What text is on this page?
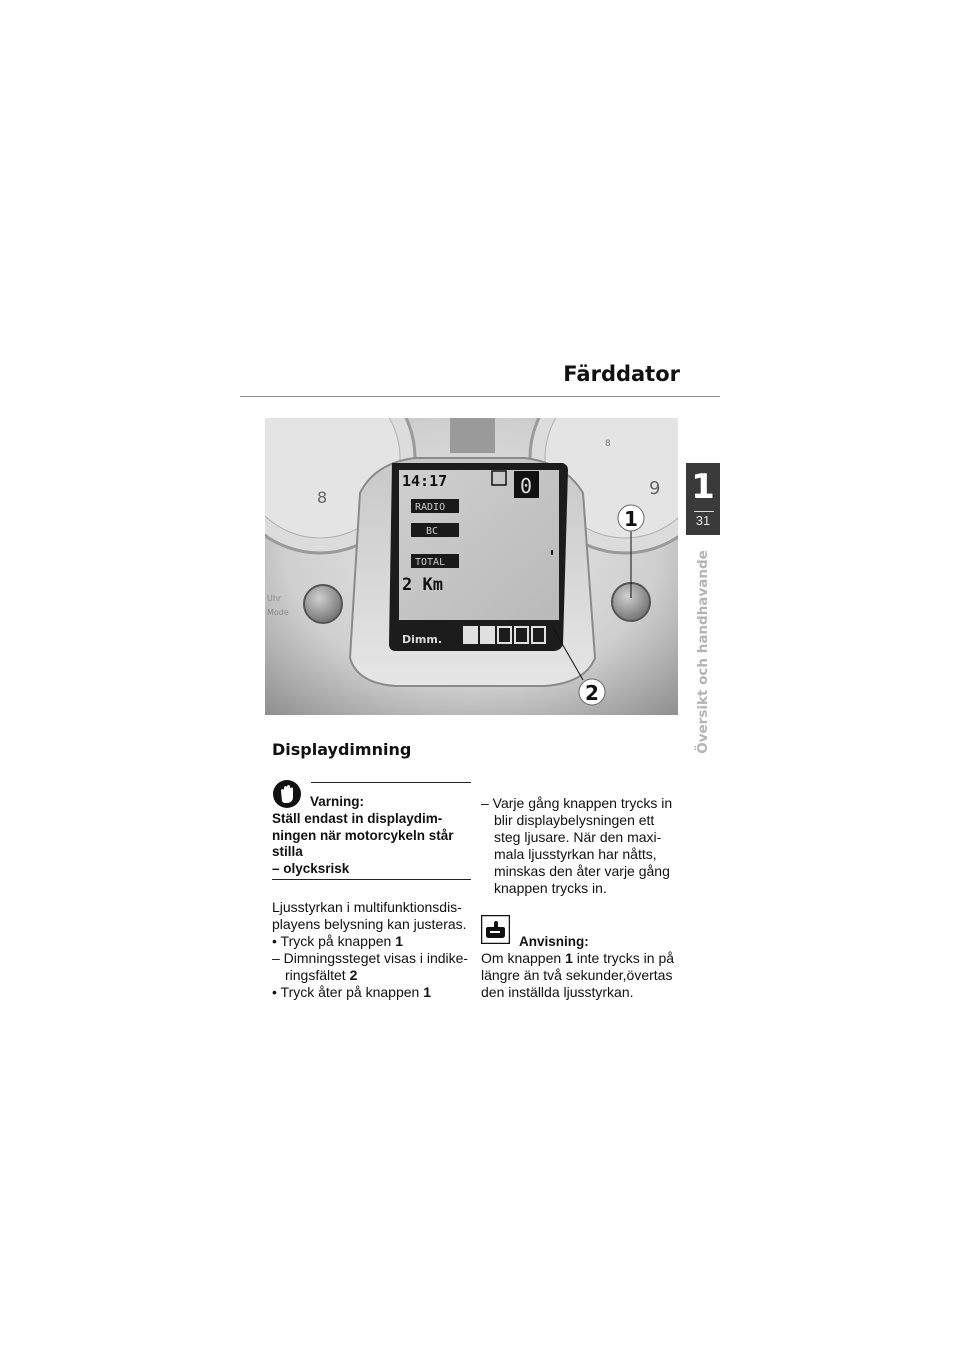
Färddator
1
31
Översikt och handhavande
8
9
8
Uhr
Mode
14:17	0
RADIO
BC
TOTAL
2 Km
Dimm.
1
2
Displaydimning
Varning:
Ställ endast in displaydim-
ningen när motorcykeln står
stilla
– olycksrisk
Ljusstyrkan i multifunktionsdis-
playens belysning kan justeras.
• Tryck på knappen 1
– Dimningssteget visas i indike-
ringsfältet 2
• Tryck åter på knappen 1
– Varje gång knappen trycks in
blir displaybelysningen ett
steg ljusare. När den maxi-
mala ljusstyrkan har nåtts,
minskas den åter varje gång
knappen trycks in.
Anvisning:
Om knappen 1 inte trycks in på
längre än två sekunder,övertas
den inställda ljusstyrkan.
